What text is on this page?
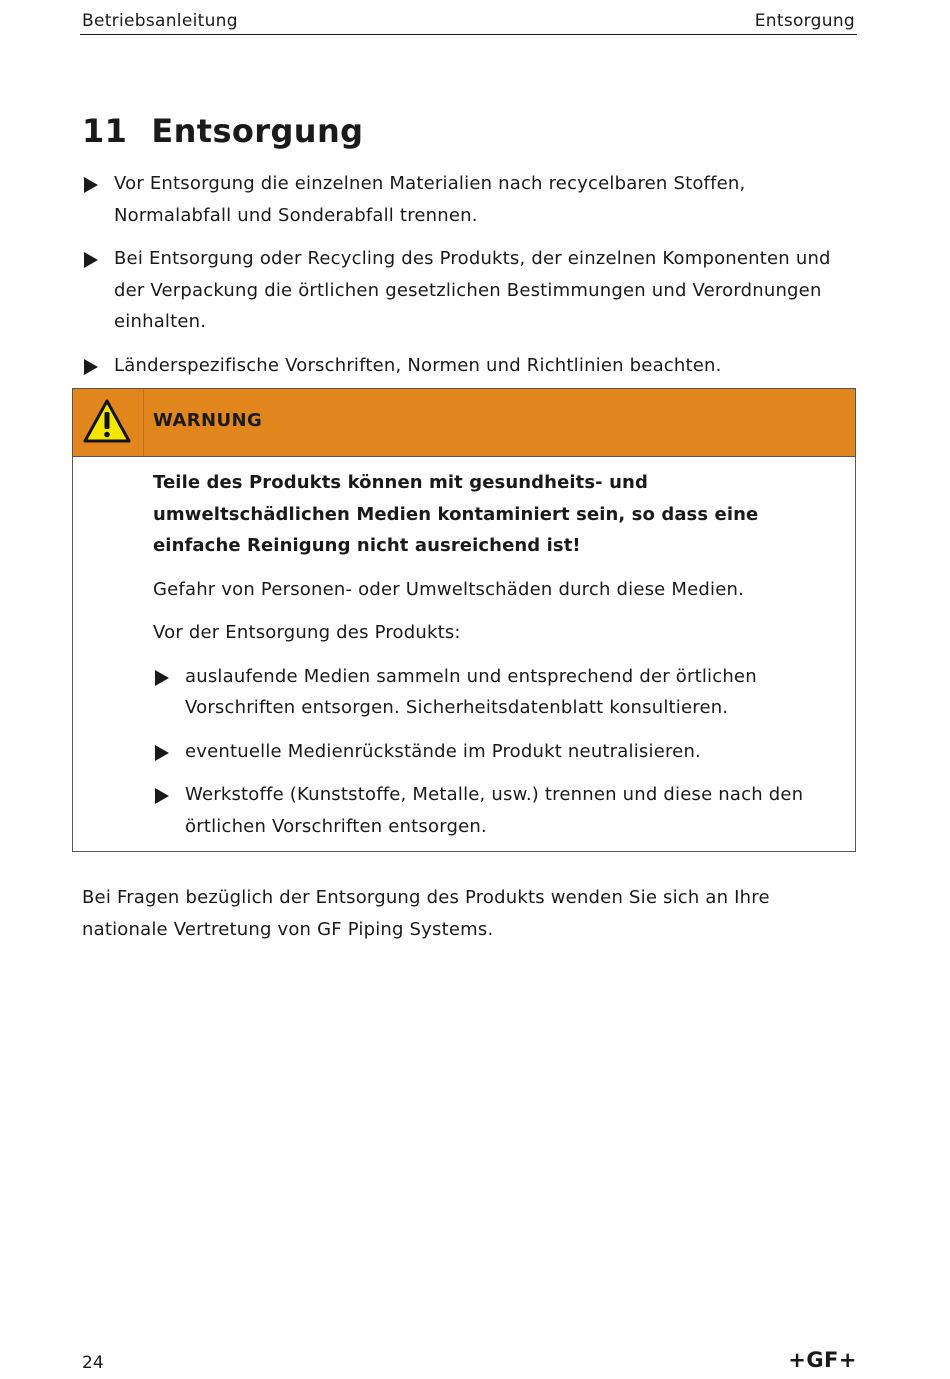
Betriebsanleitung	Entsorgung
11 Entsorgung
Vor Entsorgung die einzelnen Materialien nach recycelbaren Stoffen, Normalabfall und Sonderabfall trennen.
Bei Entsorgung oder Recycling des Produkts, der einzelnen Komponenten und der Verpackung die örtlichen gesetzlichen Bestimmungen und Verordnungen einhalten.
Länderspezifische Vorschriften, Normen und Richtlinien beachten.
WARNUNG
Teile des Produkts können mit gesundheits- und umweltschädlichen Medien kontaminiert sein, so dass eine einfache Reinigung nicht ausreichend ist!
Gefahr von Personen- oder Umweltschäden durch diese Medien.
Vor der Entsorgung des Produkts:
auslaufende Medien sammeln und entsprechend der örtlichen Vorschriften entsorgen. Sicherheitsdatenblatt konsultieren.
eventuelle Medienrückstände im Produkt neutralisieren.
Werkstoffe (Kunststoffe, Metalle, usw.) trennen und diese nach den örtlichen Vorschriften entsorgen.
Bei Fragen bezüglich der Entsorgung des Produkts wenden Sie sich an Ihre nationale Vertretung von GF Piping Systems.
24	+GF+
